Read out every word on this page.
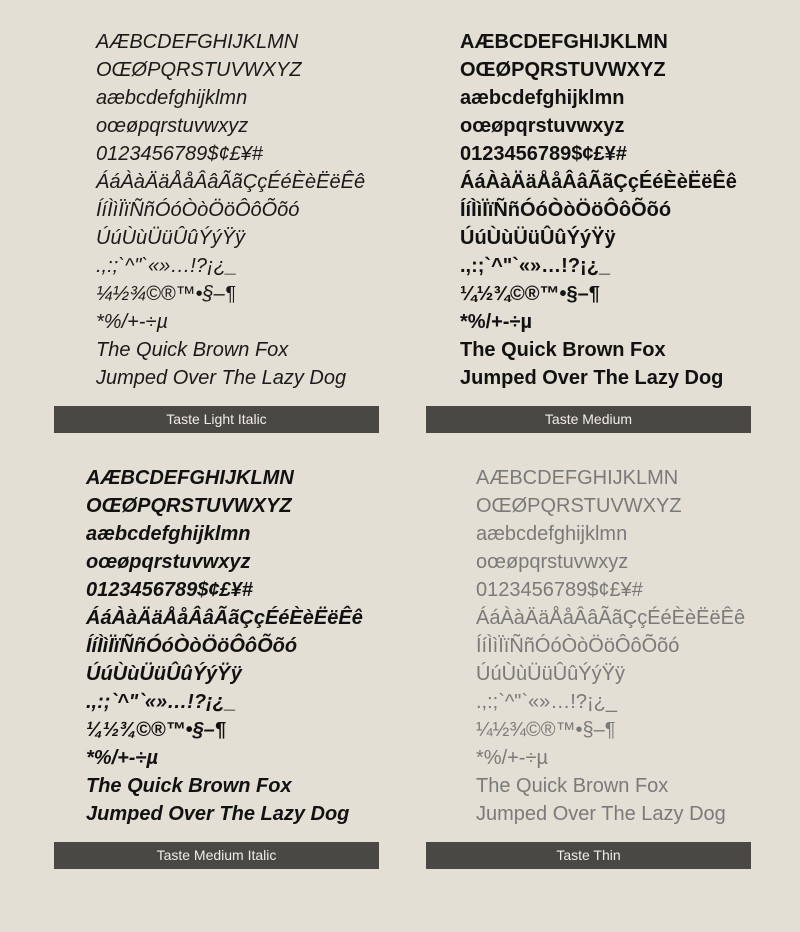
AÆBCDEFGHIJKLMN
OŒØPQRSTUVWXYZ
aæbcdefghijklmn
oœøpqrstuvwxyz
0123456789$¢£¥#
ÁáÀàÄäÅåÂâÃãÇçÉéÈèËëÊê
ÍíÌìÏïÑñÓóÒòÖöÔôÕõó
ÚúÙùÜüÛûÝýŸÿ
.,:;`^"`«»…!?¡¿_
¼½¾©®™•§–¶
*%/+-÷µ
The Quick Brown Fox
Jumped Over The Lazy Dog
Taste Light Italic
AÆBCDEFGHIJKLMN
OŒØPQRSTUVWXYZ
aæbcdefghijklmn
oœøpqrstuvwxyz
0123456789$¢£¥#
ÁáÀàÄäÅåÂâÃãÇçÉéÈèËëÊê
ÍíÌìÏïÑñÓóÒòÖöÔôÕõó
ÚúÙùÜüÛûÝýŸÿ
.,:;`^"`«»…!?¡¿_
¼½¾©®™•§–¶
*%/+-÷µ
The Quick Brown Fox
Jumped Over The Lazy Dog
Taste Medium
AÆBCDEFGHIJKLMN
OŒØPQRSTUVWXYZ
aæbcdefghijklmn
oœøpqrstuvwxyz
0123456789$¢£¥#
ÁáÀàÄäÅåÂâÃãÇçÉéÈèËëÊê
ÍíÌìÏïÑñÓóÒòÖöÔôÕõó
ÚúÙùÜüÛûÝýŸÿ
.,:;`^"`«»…!?¡¿_
¼½¾©®™•§–¶
*%/+-÷µ
The Quick Brown Fox
Jumped Over The Lazy Dog
Taste Medium Italic
AÆBCDEFGHIJKLMN
OŒØPQRSTUVWXYZ
aæbcdefghijklmn
oœøpqrstuvwxyz
0123456789$¢£¥#
ÁáÀàÄäÅåÂâÃãÇçÉéÈèËëÊê
ÍíÌìÏïÑñÓóÒòÖöÔôÕõó
ÚúÙùÜüÛûÝýŸÿ
.,:;`^"`«»…!?¡¿_
¼½¾©®™•§–¶
*%/+-÷µ
The Quick Brown Fox
Jumped Over The Lazy Dog
Taste Thin
